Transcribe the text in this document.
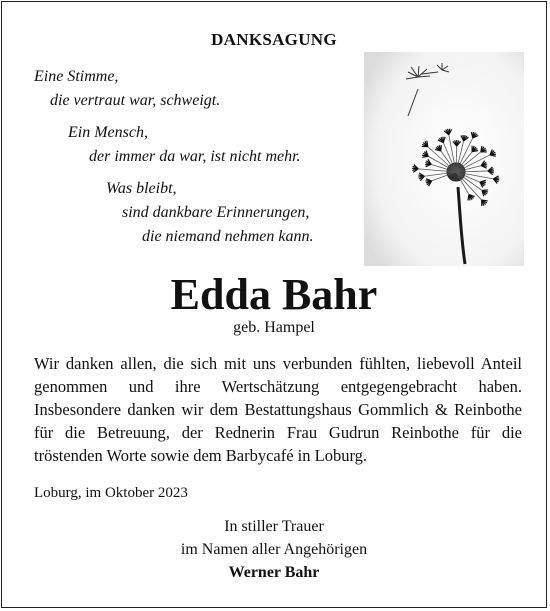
DANKSAGUNG
Eine Stimme,
die vertraut war, schweigt.
Ein Mensch,
der immer da war, ist nicht mehr.
Was bleibt,
sind dankbare Erinnerungen,
die niemand nehmen kann.
Edda Bahr
geb. Hampel
Wir danken allen, die sich mit uns verbunden fühlten, liebevoll Anteil genommen und ihre Wertschätzung entgegengebracht haben. Insbesondere danken wir dem Bestattungshaus Gommlich & Reinbothe für die Betreuung, der Rednerin Frau Gudrun Reinbothe für die tröstenden Worte sowie dem Barbycafé in Loburg.
Loburg, im Oktober 2023
In stiller Trauer
im Namen aller Angehörigen
Werner Bahr
